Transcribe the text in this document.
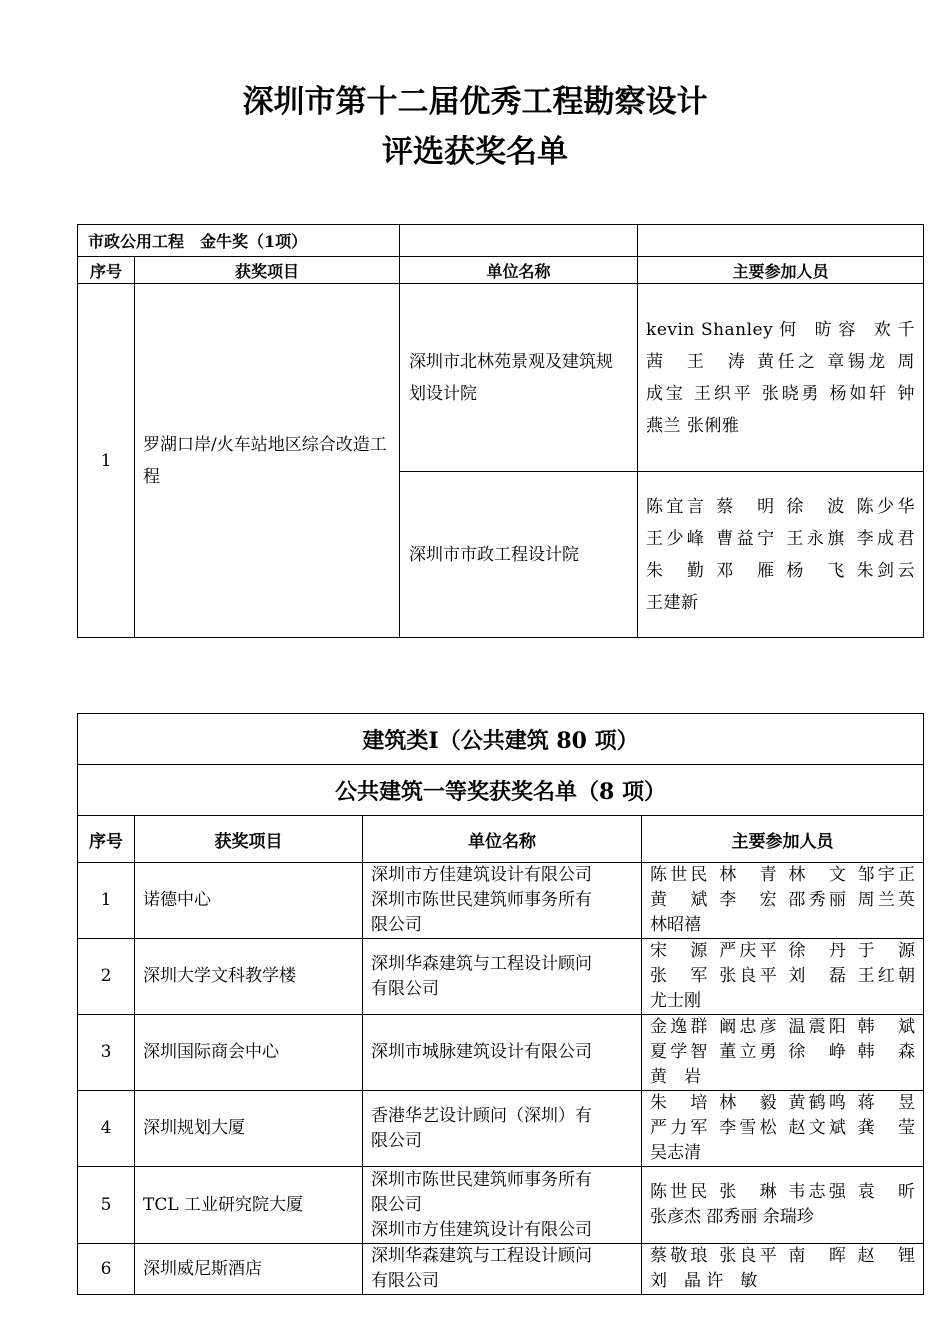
深圳市第十二届优秀工程勘察设计
评选获奖名单
市政公用工程　金牛奖（1项）			
序号	获奖项目	单位名称	主要参加人员
1	罗湖口岸/火车站地区综合改造工程	深圳市北林苑景观及建筑规划设计院	kevin Shanley 何　昉 容　欢 千
茜　王　涛 黄任之 章锡龙 周
成宝 王织平 张晓勇 杨如轩 钟
燕兰 张俐雅

		深圳市市政工程设计院	陈宜言 蔡　明 徐　波 陈少华
王少峰 曹益宁 王永旗 李成君
朱　勤 邓　雁 杨　飞 朱剑云
王建新
建筑类Ⅰ（公共建筑 80 项）			
公共建筑一等奖获奖名单（8 项）			
序号	获奖项目	单位名称	主要参加人员
1	诺德中心	深圳市方佳建筑设计有限公司
深圳市陈世民建筑师事务所有
限公司	陈世民 林　青 林　文 邹宇正
黄　斌 李　宏 邵秀丽 周兰英
林昭禧

2	深圳大学文科教学楼	深圳华森建筑与工程设计顾问
有限公司	宋　源 严庆平 徐　丹 于　源
张　军 张良平 刘　磊 王红朝
尤士刚

3	深圳国际商会中心	深圳市城脉建筑设计有限公司	金逸群 阚忠彦 温震阳 韩　斌
夏学智 董立勇 徐　峥 韩　森
黄　岩

4	深圳规划大厦	香港华艺设计顾问（深圳）有
限公司	朱　培 林　毅 黄鹤鸣 蒋　昱
严力军 李雪松 赵文斌 龚　莹
吴志清

5	TCL 工业研究院大厦	深圳市陈世民建筑师事务所有
限公司
深圳市方佳建筑设计有限公司	陈世民 张　琳 韦志强 袁　昕
张彦杰 邵秀丽 余瑞珍

6	深圳威尼斯酒店	深圳华森建筑与工程设计顾问
有限公司	蔡敬琅 张良平 南　晖 赵　锂
刘　晶 许　敏
